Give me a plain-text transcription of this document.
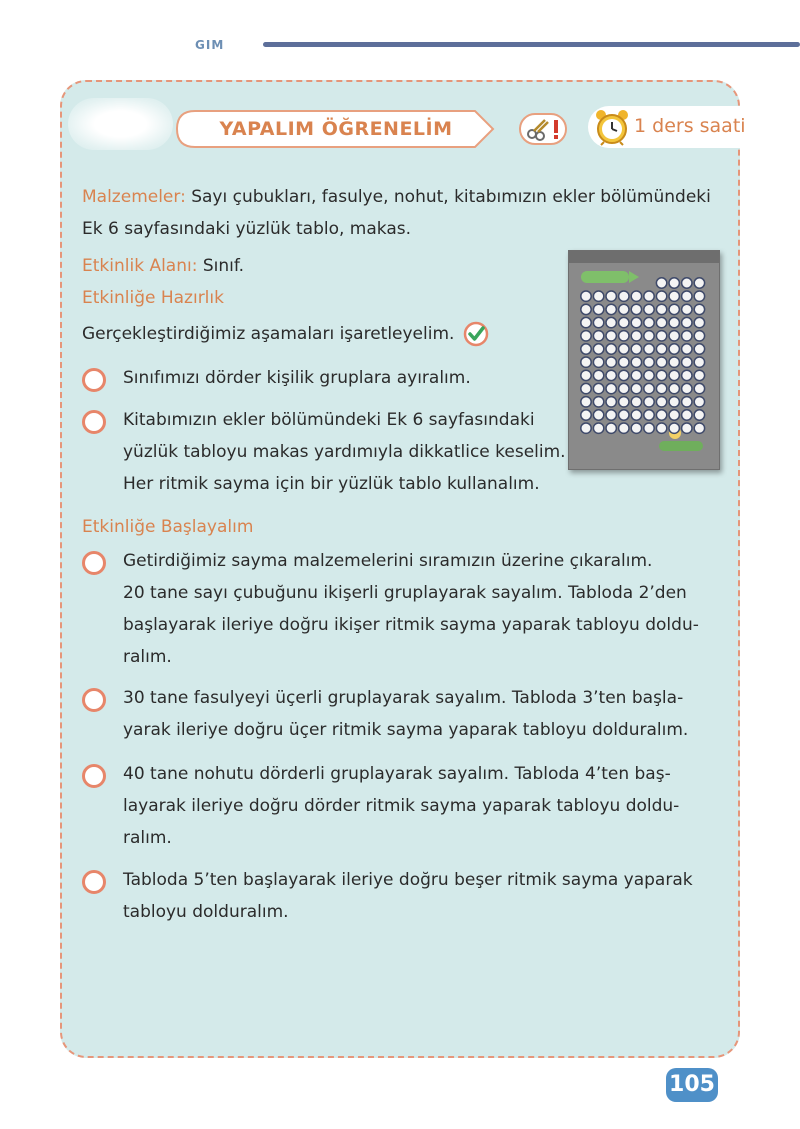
GIM
YAPALIM ÖĞRENELİM	1 ders saati
Malzemeler: Sayı çubukları, fasulye, nohut, kitabımızın ekler bölümündeki
Ek 6 sayfasındaki yüzlük tablo, makas.
Etkinlik Alanı: Sınıf.
Etkinliğe Hazırlık
Gerçekleştirdiğimiz aşamaları işaretleyelim.
Sınıfımızı dörder kişilik gruplara ayıralım.
Kitabımızın ekler bölümündeki Ek 6 sayfasındaki
yüzlük tabloyu makas yardımıyla dikkatlice keselim.
Her ritmik sayma için bir yüzlük tablo kullanalım.
Etkinliğe Başlayalım
Getirdiğimiz sayma malzemelerini sıramızın üzerine çıkaralım.
20 tane sayı çubuğunu ikişerli gruplayarak sayalım. Tabloda 2’den
başlayarak ileriye doğru ikişer ritmik sayma yaparak tabloyu doldu-
ralım.
30 tane fasulyeyi üçerli gruplayarak sayalım. Tabloda 3’ten başla-
yarak ileriye doğru üçer ritmik sayma yaparak tabloyu dolduralım.
40 tane nohutu dörderli gruplayarak sayalım. Tabloda 4’ten baş-
layarak ileriye doğru dörder ritmik sayma yaparak tabloyu doldu-
ralım.
Tabloda 5’ten başlayarak ileriye doğru beşer ritmik sayma yaparak
tabloyu dolduralım.
105
